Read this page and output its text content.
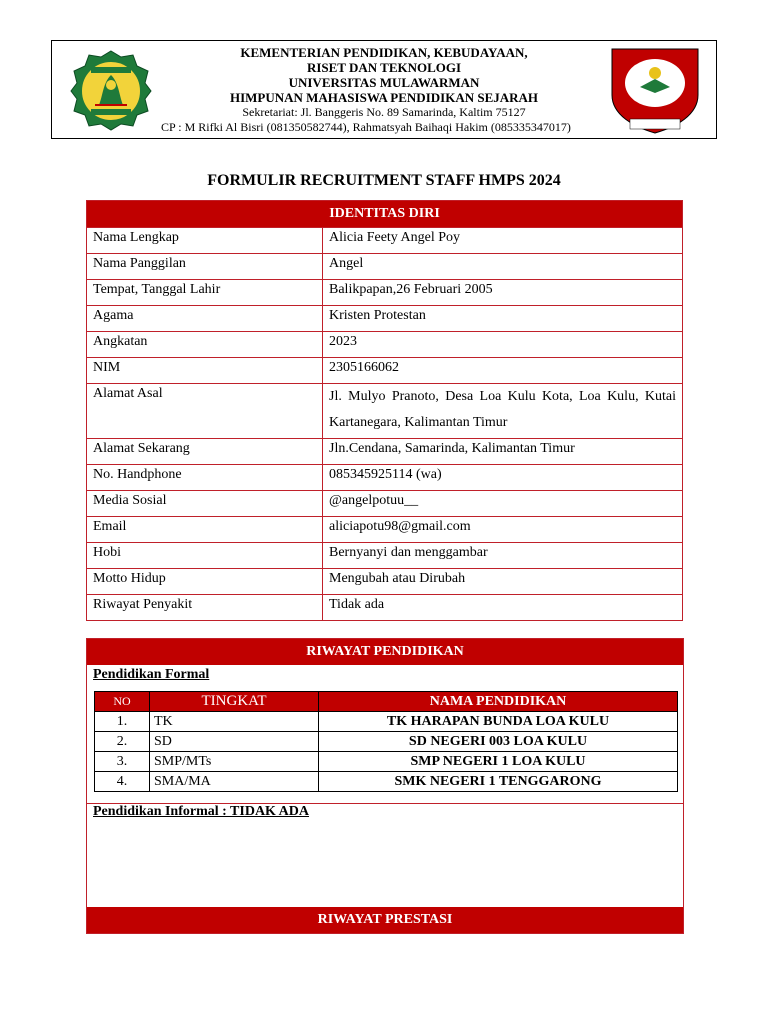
KEMENTERIAN PENDIDIKAN, KEBUDAYAAN,
RISET DAN TEKNOLOGI
UNIVERSITAS MULAWARMAN
HIMPUNAN MAHASISWA PENDIDIKAN SEJARAH
Sekretariat: Jl. Banggeris No. 89 Samarinda, Kaltim 75127
CP : M Rifki Al Bisri (081350582744), Rahmatsyah Baihaqi Hakim (085335347017)
FORMULIR RECRUITMENT STAFF HMPS 2024
IDENTITAS DIRI	
Nama Lengkap	Alicia Feety Angel Poy
Nama Panggilan	Angel
Tempat, Tanggal Lahir	Balikpapan,26 Februari 2005
Agama	Kristen Protestan
Angkatan	2023
NIM	2305166062
Alamat Asal	Jl. Mulyo Pranoto, Desa Loa Kulu Kota, Loa Kulu, Kutai Kartanegara, Kalimantan Timur
Alamat Sekarang	Jln.Cendana, Samarinda, Kalimantan Timur
No. Handphone	085345925114 (wa)
Media Sosial	@angelpotuu__
Email	aliciapotu98@gmail.com
Hobi	Bernyanyi dan menggambar
Motto Hidup	Mengubah atau Dirubah
Riwayat Penyakit	Tidak ada
RIWAYAT PENDIDIKAN
Pendidikan Formal
NO	TINGKAT	NAMA PENDIDIKAN
1.	TK	TK HARAPAN BUNDA LOA KULU
2.	SD	SD NEGERI 003 LOA KULU
3.	SMP/MTs	SMP NEGERI 1 LOA KULU
4.	SMA/MA	SMK NEGERI 1 TENGGARONG
Pendidikan Informal : TIDAK ADA
RIWAYAT PRESTASI
